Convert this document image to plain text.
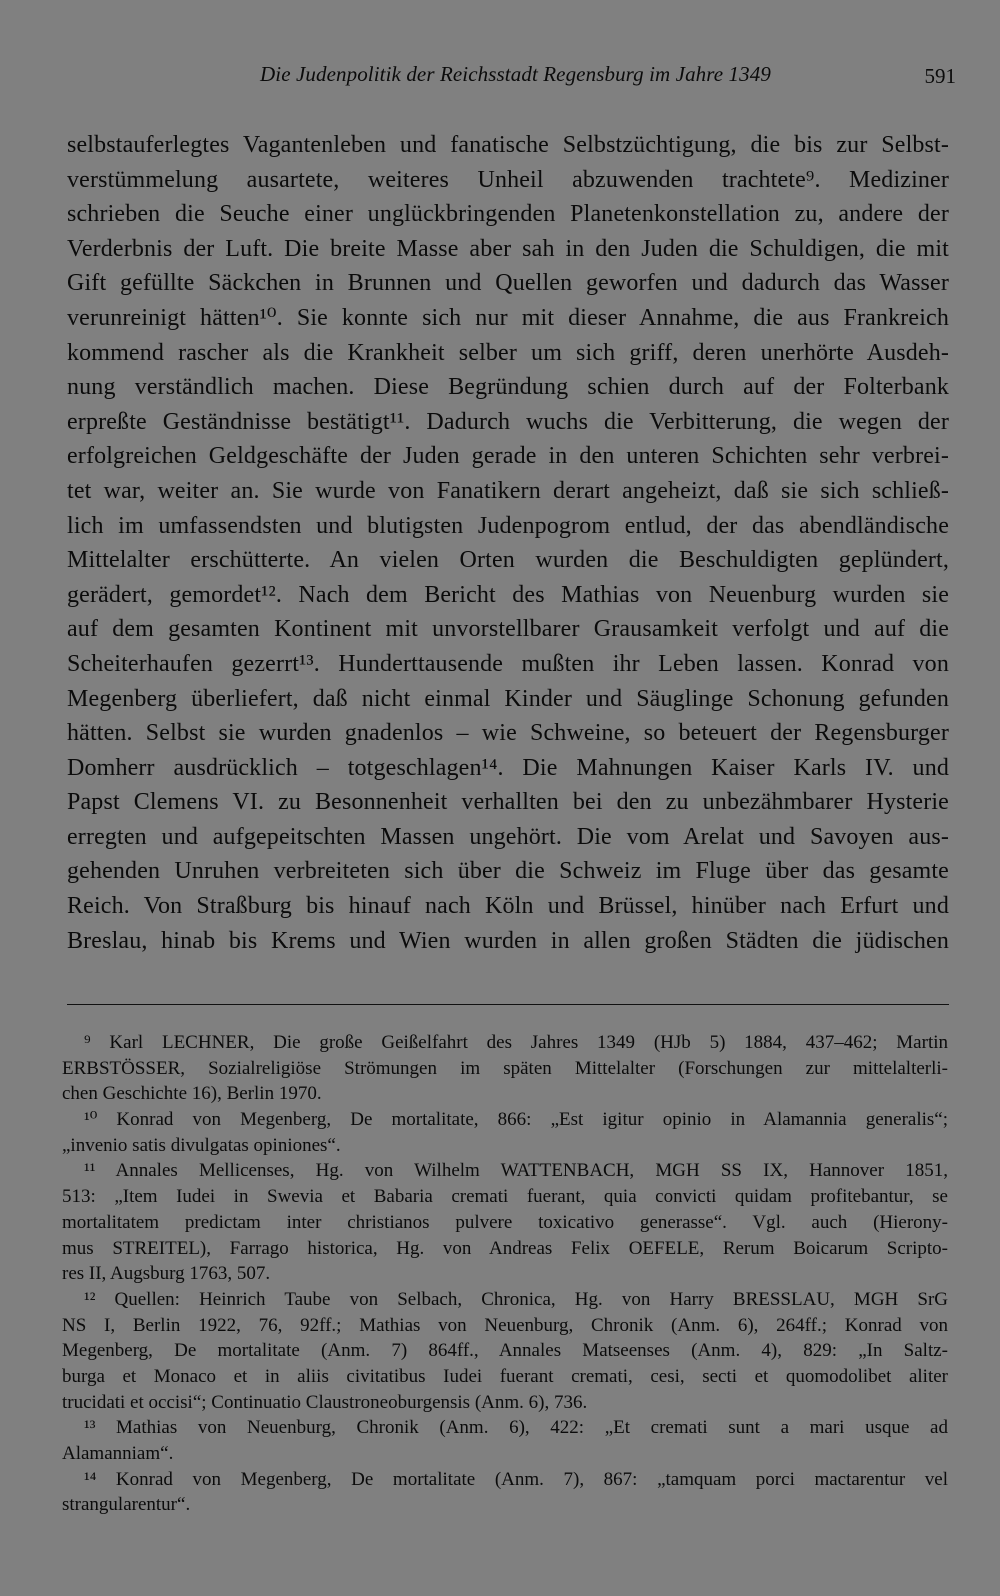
Die Judenpolitik der Reichsstadt Regensburg im Jahre 1349	591
selbstauferlegtes Vagantenleben und fanatische Selbstzüchtigung, die bis zur Selbst-
verstümmelung ausartete, weiteres Unheil abzuwenden trachtete⁹. Mediziner
schrieben die Seuche einer unglückbringenden Planetenkonstellation zu, andere der
Verderbnis der Luft. Die breite Masse aber sah in den Juden die Schuldigen, die mit
Gift gefüllte Säckchen in Brunnen und Quellen geworfen und dadurch das Wasser
verunreinigt hätten¹⁰. Sie konnte sich nur mit dieser Annahme, die aus Frankreich
kommend rascher als die Krankheit selber um sich griff, deren unerhörte Ausdeh-
nung verständlich machen. Diese Begründung schien durch auf der Folterbank
erpreßte Geständnisse bestätigt¹¹. Dadurch wuchs die Verbitterung, die wegen der
erfolgreichen Geldgeschäfte der Juden gerade in den unteren Schichten sehr verbrei-
tet war, weiter an. Sie wurde von Fanatikern derart angeheizt, daß sie sich schließ-
lich im umfassendsten und blutigsten Judenpogrom entlud, der das abendländische
Mittelalter erschütterte. An vielen Orten wurden die Beschuldigten geplündert,
gerädert, gemordet¹². Nach dem Bericht des Mathias von Neuenburg wurden sie
auf dem gesamten Kontinent mit unvorstellbarer Grausamkeit verfolgt und auf die
Scheiterhaufen gezerrt¹³. Hunderttausende mußten ihr Leben lassen. Konrad von
Megenberg überliefert, daß nicht einmal Kinder und Säuglinge Schonung gefunden
hätten. Selbst sie wurden gnadenlos – wie Schweine, so beteuert der Regensburger
Domherr ausdrücklich – totgeschlagen¹⁴. Die Mahnungen Kaiser Karls IV. und
Papst Clemens VI. zu Besonnenheit verhallten bei den zu unbezähmbarer Hysterie
erregten und aufgepeitschten Massen ungehört. Die vom Arelat und Savoyen aus-
gehenden Unruhen verbreiteten sich über die Schweiz im Fluge über das gesamte
Reich. Von Straßburg bis hinauf nach Köln und Brüssel, hinüber nach Erfurt und
Breslau, hinab bis Krems und Wien wurden in allen großen Städten die jüdischen
⁹ Karl LECHNER, Die große Geißelfahrt des Jahres 1349 (HJb 5) 1884, 437–462; Martin
ERBSTÖSSER, Sozialreligiöse Strömungen im späten Mittelalter (Forschungen zur mittelalterli-
chen Geschichte 16), Berlin 1970.
¹⁰ Konrad von Megenberg, De mortalitate, 866: „Est igitur opinio in Alamannia generalis“;
„invenio satis divulgatas opiniones“.
¹¹ Annales Mellicenses, Hg. von Wilhelm WATTENBACH, MGH SS IX, Hannover 1851,
513: „Item Iudei in Swevia et Babaria cremati fuerant, quia convicti quidam profitebantur, se
mortalitatem predictam inter christianos pulvere toxicativo generasse“. Vgl. auch (Hierony-
mus STREITEL), Farrago historica, Hg. von Andreas Felix OEFELE, Rerum Boicarum Scripto-
res II, Augsburg 1763, 507.
¹² Quellen: Heinrich Taube von Selbach, Chronica, Hg. von Harry BRESSLAU, MGH SrG
NS I, Berlin 1922, 76, 92ff.; Mathias von Neuenburg, Chronik (Anm. 6), 264ff.; Konrad von
Megenberg, De mortalitate (Anm. 7) 864ff., Annales Matseenses (Anm. 4), 829: „In Saltz-
burga et Monaco et in aliis civitatibus Iudei fuerant cremati, cesi, secti et quomodolibet aliter
trucidati et occisi“; Continuatio Claustroneoburgensis (Anm. 6), 736.
¹³ Mathias von Neuenburg, Chronik (Anm. 6), 422: „Et cremati sunt a mari usque ad
Alamanniam“.
¹⁴ Konrad von Megenberg, De mortalitate (Anm. 7), 867: „tamquam porci mactarentur vel
strangularentur“.
